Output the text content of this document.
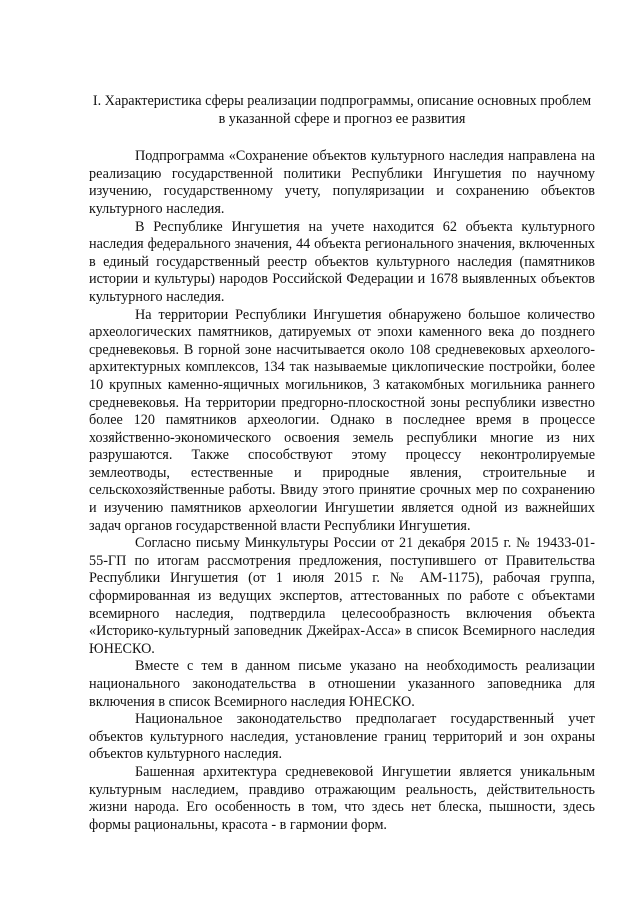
I. Характеристика сферы реализации подпрограммы, описание основных проблем в указанной сфере и прогноз ее развития

Подпрограмма «Сохранение объектов культурного наследия направлена на реализацию государственной политики Республики Ингушетия по научному изучению, государственному учету, популяризации и сохранению объектов культурного наследия.

В Республике Ингушетия на учете находится 62 объекта культурного наследия федерального значения, 44 объекта регионального значения, включенных в единый государственный реестр объектов культурного наследия (памятников истории и культуры) народов Российской Федерации и 1678 выявленных объектов культурного наследия.

На территории Республики Ингушетия обнаружено большое количество археологических памятников, датируемых от эпохи каменного века до позднего средневековья. В горной зоне насчитывается около 108 средневековых археолого-архитектурных комплексов, 134 так называемые циклопические постройки, более 10 крупных каменно-ящичных могильников, 3 катакомбных могильника раннего средневековья. На территории предгорно-плоскостной зоны республики известно более 120 памятников археологии. Однако в последнее время в процессе хозяйственно-экономического освоения земель республики многие из них разрушаются. Также способствуют этому процессу неконтролируемые землеотводы, естественные и природные явления, строительные и сельскохозяйственные работы. Ввиду этого принятие срочных мер по сохранению и изучению памятников археологии Ингушетии является одной из важнейших задач органов государственной власти Республики Ингушетия.

Согласно письму Минкультуры России от 21 декабря 2015 г. № 19433-01-55-ГП по итогам рассмотрения предложения, поступившего от Правительства Республики Ингушетия (от 1 июля 2015 г. № АМ-1175), рабочая группа, сформированная из ведущих экспертов, аттестованных по работе с объектами всемирного наследия, подтвердила целесообразность включения объекта «Историко-культурный заповедник Джейрах-Асса» в список Всемирного наследия ЮНЕСКО.

Вместе с тем в данном письме указано на необходимость реализации национального законодательства в отношении указанного заповедника для включения в список Всемирного наследия ЮНЕСКО.

Национальное законодательство предполагает государственный учет объектов культурного наследия, установление границ территорий и зон охраны объектов культурного наследия.

Башенная архитектура средневековой Ингушетии является уникальным культурным наследием, правдиво отражающим реальность, действительность жизни народа. Его особенность в том, что здесь нет блеска, пышности, здесь формы рациональны, красота - в гармонии форм.
